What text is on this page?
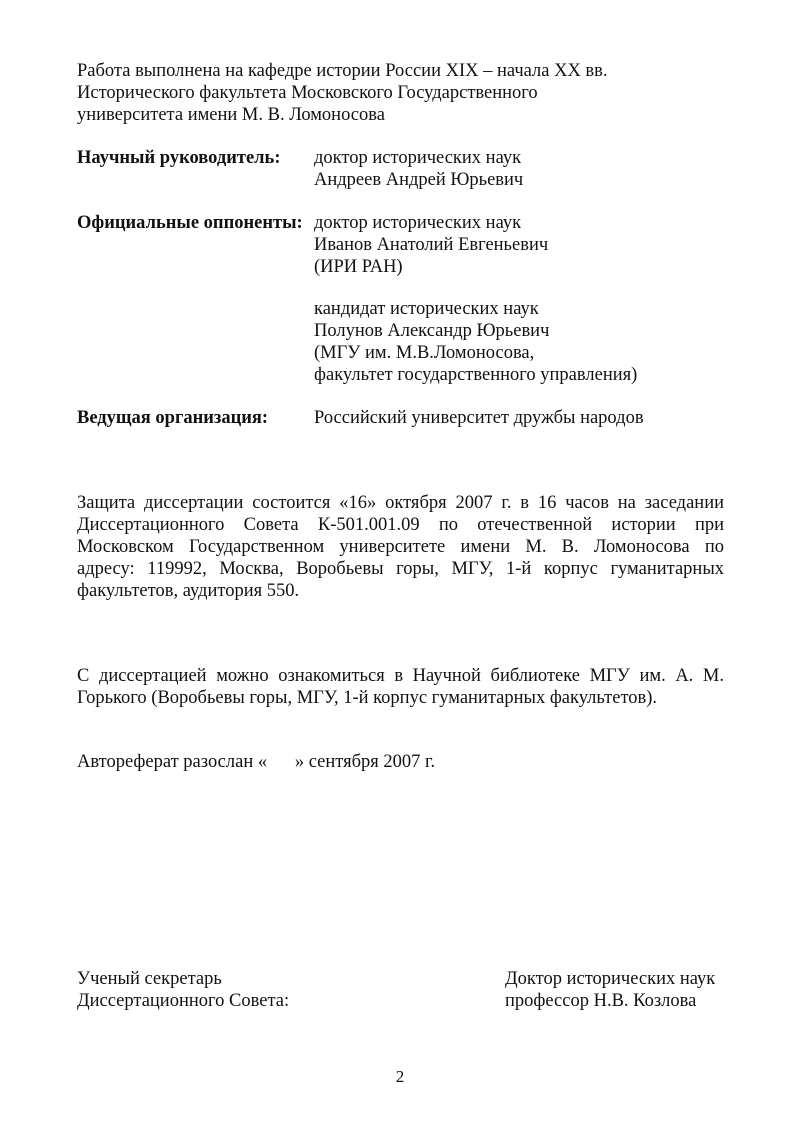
Работа выполнена на кафедре истории России XIX – начала XX вв.
Исторического факультета Московского Государственного
университета имени М. В. Ломоносова
Научный руководитель: доктор исторических наук
Андреев Андрей Юрьевич
Официальные оппоненты: доктор исторических наук
Иванов Анатолий Евгеньевич
(ИРИ РАН)
кандидат исторических наук
Полунов Александр Юрьевич
(МГУ им. М.В.Ломоносова,
факультет государственного управления)
Ведущая организация: Российский университет дружбы народов
Защита диссертации состоится «16» октября 2007 г. в 16 часов на заседании
Диссертационного Совета К-501.001.09 по отечественной истории при
Московском Государственном университете имени М. В. Ломоносова по
адресу: 119992, Москва, Воробьевы горы, МГУ, 1-й корпус гуманитарных
факультетов, аудитория 550.
С диссертацией можно ознакомиться в Научной библиотеке МГУ им. А. М.
Горького (Воробьевы горы, МГУ, 1-й корпус гуманитарных факультетов).
Автореферат разослан «      » сентября 2007 г.
Ученый секретарь
Диссертационного Совета:
Доктор исторических наук
профессор Н.В. Козлова
2
